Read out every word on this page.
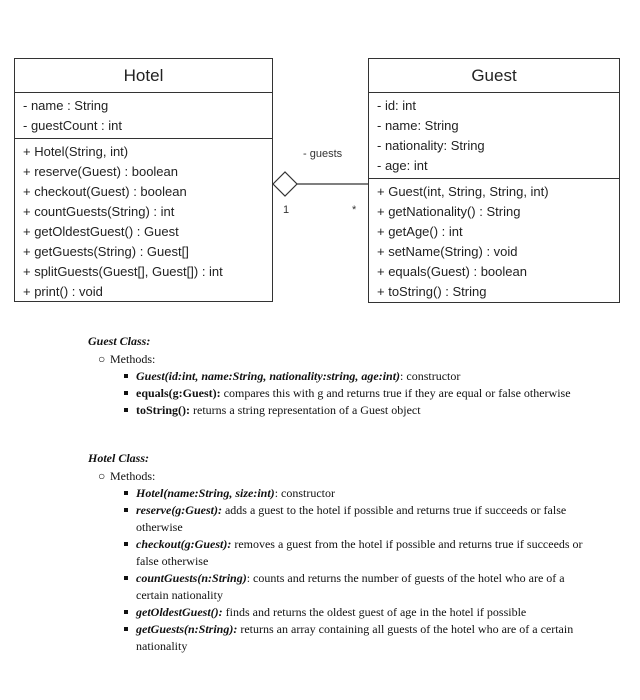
Hotel
- name : String
- guestCount : int
+ Hotel(String, int)
+ reserve(Guest) : boolean
+ checkout(Guest) : boolean
+ countGuests(String) : int
+ getOldestGuest() : Guest
+ getGuests(String) : Guest[]
+ splitGuests(Guest[], Guest[]) : int
+ print() : void
Guest
- id: int
- name: String
- nationality: String
- age: int
+ Guest(int, String, String, int)
+ getNationality() : String
+ getAge() : int
+ setName(String) : void
+ equals(Guest) : boolean
+ toString() : String
- guests
1	*
Guest Class:
○ Methods:
Guest(id:int, name:String, nationality:string, age:int): constructor
equals(g:Guest): compares this with g and returns true if they are equal or false otherwise
toString(): returns a string representation of a Guest object
Hotel Class:
○ Methods:
Hotel(name:String, size:int): constructor
reserve(g:Guest): adds a guest to the hotel if possible and returns true if succeeds or false otherwise
checkout(g:Guest): removes a guest from the hotel if possible and returns true if succeeds or false otherwise
countGuests(n:String): counts and returns the number of guests of the hotel who are of a certain nationality
getOldestGuest(): finds and returns the oldest guest of age in the hotel if possible
getGuests(n:String): returns an array containing all guests of the hotel who are of a certain nationality
